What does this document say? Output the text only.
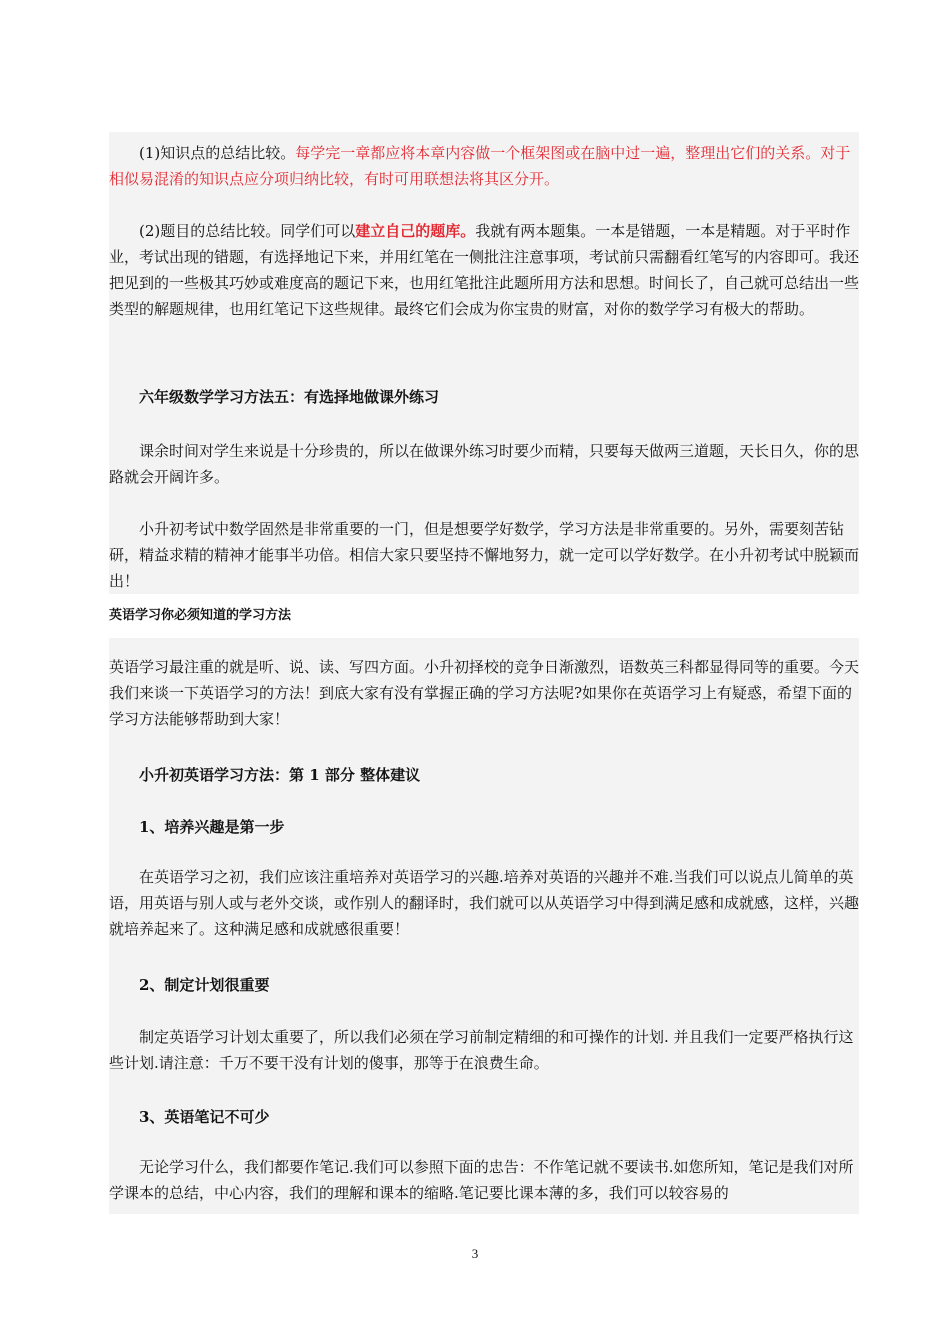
(1)知识点的总结比较。每学完一章都应将本章内容做一个框架图或在脑中过一遍，整理出它们的关系。对于相似易混淆的知识点应分项归纳比较，有时可用联想法将其区分开。

(2)题目的总结比较。同学们可以建立自己的题库。我就有两本题集。一本是错题，一本是精题。对于平时作业，考试出现的错题，有选择地记下来，并用红笔在一侧批注注意事项，考试前只需翻看红笔写的内容即可。我还把见到的一些极其巧妙或难度高的题记下来，也用红笔批注此题所用方法和思想。时间长了，自己就可总结出一些类型的解题规律，也用红笔记下这些规律。最终它们会成为你宝贵的财富，对你的数学学习有极大的帮助。

六年级数学学习方法五：有选择地做课外练习

课余时间对学生来说是十分珍贵的，所以在做课外练习时要少而精，只要每天做两三道题，天长日久，你的思路就会开阔许多。

小升初考试中数学固然是非常重要的一门，但是想要学好数学，学习方法是非常重要的。另外，需要刻苦钻研，精益求精的精神才能事半功倍。相信大家只要坚持不懈地努力，就一定可以学好数学。在小升初考试中脱颖而出！

英语学习你必须知道的学习方法

英语学习最注重的就是听、说、读、写四方面。小升初择校的竞争日渐激烈，语数英三科都显得同等的重要。今天我们来谈一下英语学习的方法！到底大家有没有掌握正确的学习方法呢?如果你在英语学习上有疑惑，希望下面的学习方法能够帮助到大家！

小升初英语学习方法：第 1 部分 整体建议

1、培养兴趣是第一步

在英语学习之初，我们应该注重培养对英语学习的兴趣.培养对英语的兴趣并不难.当我们可以说点儿简单的英语，用英语与别人或与老外交谈，或作别人的翻译时，我们就可以从英语学习中得到满足感和成就感，这样，兴趣就培养起来了。这种满足感和成就感很重要！

2、制定计划很重要

制定英语学习计划太重要了，所以我们必须在学习前制定精细的和可操作的计划. 并且我们一定要严格执行这些计划.请注意：千万不要干没有计划的傻事，那等于在浪费生命。

3、英语笔记不可少

无论学习什么，我们都要作笔记.我们可以参照下面的忠告：不作笔记就不要读书.如您所知，笔记是我们对所学课本的总结，中心内容，我们的理解和课本的缩略.笔记要比课本薄的多，我们可以较容易的

3
